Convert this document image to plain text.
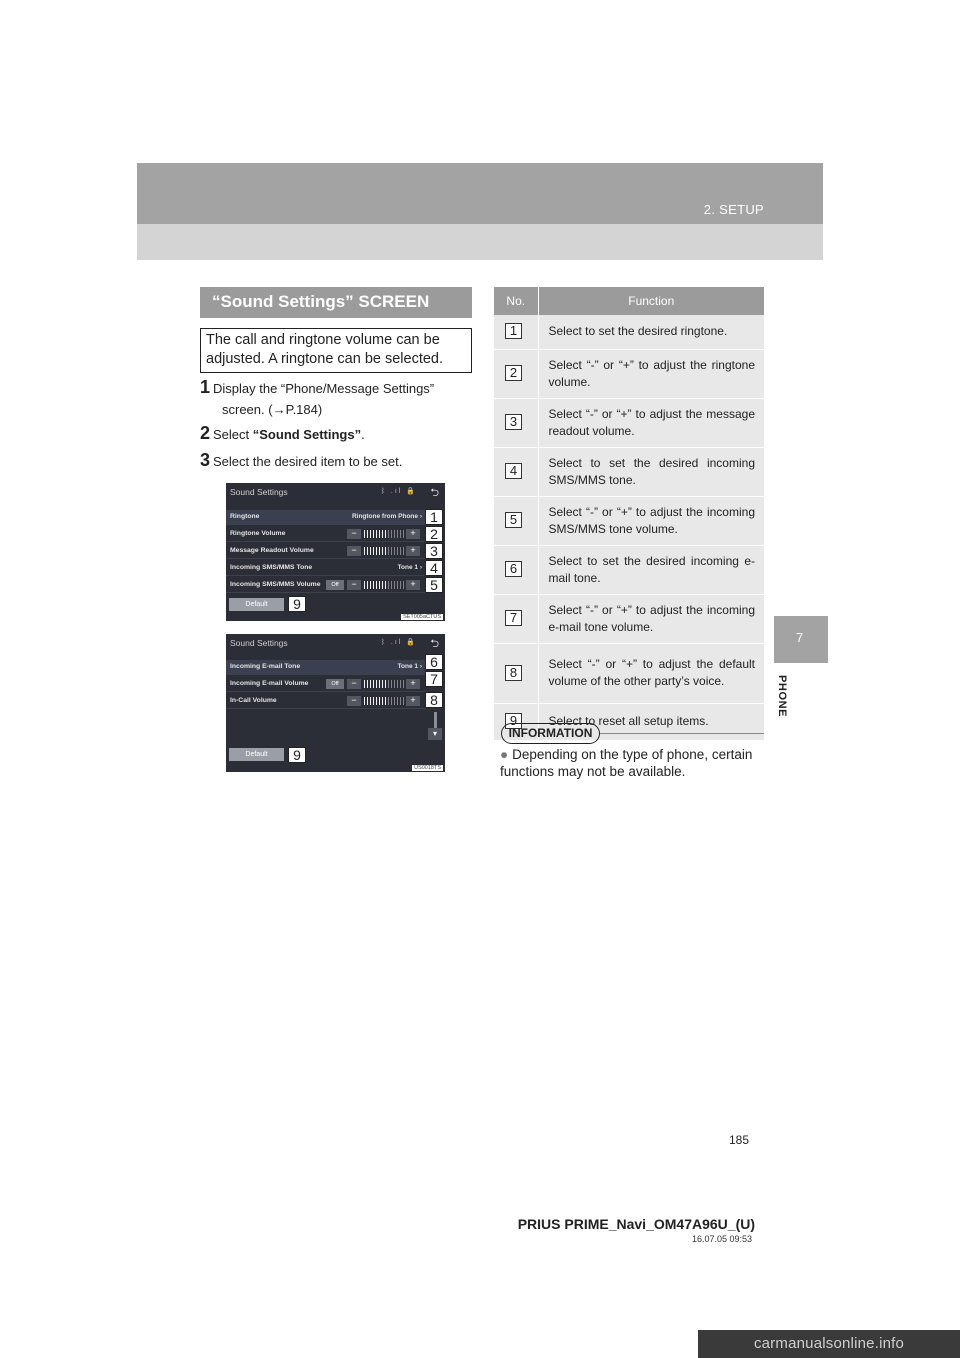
2. SETUP
7
PHONE
“Sound Settings” SCREEN
The call and ringtone volume can be adjusted. A ringtone can be selected.
1 Display the “Phone/Message Settings”
screen. (→P.184)
2 Select “Sound Settings”.
3 Select the desired item to be set.
Sound Settings	ᛒ .ıl 🔒 ⮌
Ringtone	Ringtone from Phone ›
Ringtone Volume	−	+
Message Readout Volume	−	+
Incoming SMS/MMS Tone	Tone 1 ›
Incoming SMS/MMS Volume	Off	−	+
Default
SET005aCTUS
1
2
3
4
5
9
Sound Settings	ᛒ .ıl 🔒 ⮌
Incoming E-mail Tone	Tone 1 ›
Incoming E-mail Volume	Off	−	+
In-Call Volume	−	+
▾
Default
US0018TS
6
7
8
9
No.	Function
1	Select to set the desired ringtone.
2	Select “-” or “+” to adjust the ringtone volume.
3	Select “-” or “+” to adjust the message readout volume.
4	Select to set the desired incoming SMS/MMS tone.
5	Select “-” or “+” to adjust the incoming SMS/MMS tone volume.
6	Select to set the desired incoming e-mail tone.
7	Select “-” or “+” to adjust the incoming e-mail tone volume.
8	Select “-” or “+” to adjust the default volume of the other party’s voice.
9	Select to reset all setup items.
INFORMATION
● Depending on the type of phone, certain functions may not be available.
185
PRIUS PRIME_Navi_OM47A96U_(U)
16.07.05 09:53
carmanualsonline.info
